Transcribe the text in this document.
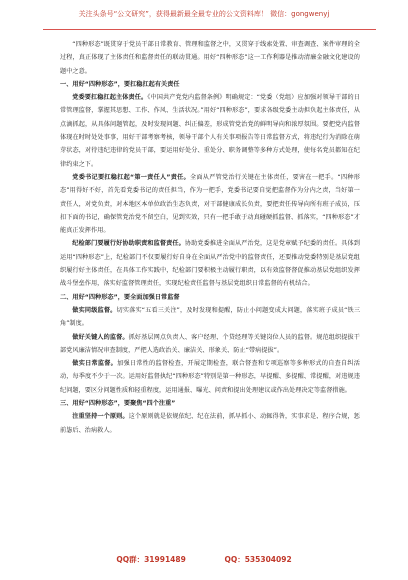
关注头条号“公文研究”，获得最新最全最专业的公文资料库！ 微信：gongwenyj

“四种形态”既贯穿于党员干部日常教育、管理和监督之中，又贯穿于线索处置、审查调查、案件审理的全过程，真正体现了主体责任和监督责任的联动贯通。用好“四种形态”这一工作利器是推动清廉金融文化建设的题中之意。

一、用好“四种形态”，要扛稳扛起有关责任

党委要扛稳扛起主体责任。《中国共产党党内监督条例》明确规定：“党委（党组）应加强对领导干部的日常管理监督，掌握其思想、工作、作风、生活状况。”用好“四种形态”，要求各级党委主动担负起主体责任，从点滴抓起，从具体问题管起，及时发现问题、纠正偏差，形成管党治党的鲜明导向和浓厚氛围。要把党内监督体现在时时处处事事，用好干部考察考核，领导干部个人有关事项报告等日常监督方式，将违纪行为消除在萌芽状态，对待违纪违律的党员干部，要运用好处分、重处分、职务调整等多种方式处理，使每名党员都知在纪律约束之下。

党委书记要扛稳扛起“第一责任人”责任。全面从严管党治行关键在主体责任，要害在一把手。“四种形态”用得好不好，首先看党委书记的责任担当，作为一把手，党委书记要自觉把监督作为分内之责，当好第一责任人，对党负责，对本地区本单位政治生态负责，对干部健康成长负责，要把责任传导向所有班子成员，压扣下面的书记，确保管党治党不留空白，见到实效，只有一把手敢于动真碰硬抓监督、抓落实，“四种形态”才能真正发挥作用。

纪检部门要履行好协助职责和监督责任。协助党委推进全面从严治党，这是党章赋予纪委的责任。具体到运用“四种形态”上，纪检部门不仅要履行好自身在全面从严治党中的监督责任，还要推动党委特别是基层党组织履行好主体责任，在具体工作实践中，纪检部门要积极主动履行职责，以有效监督督促推动基层党组织发挥战斗堡垒作用，落实好监督管理责任，实现纪检责任监督与基层党组织日常监督的有机结合。

二、用好“四种形态”，要全面加强日常监督

做实同级监督。切实落实“五看三关注”，及时发现和提醒，防止小问题变成大问题，落实班子成员“铁三角”制度。

做好关键人的监督。抓好基层网点负责人、客户经理、个贷经理等关键岗位人员的监督。规范组织提拔干部党风廉洁情况审查制度，严把人选政治关、廉洁关、形象关、防止“带病提拔”。

做实日常监督。加强日常性的监督检查，开展定期检查，联合督查和专项巡察等多种形式的自查自纠活动，每季度不少于一次。运用好监督执纪“四种形态”特别是第一种形态，早提醒、多提醒、常提醒，对违规违纪问题，要区分问题性质和轻重程度，运用通报、曝光、问责和提出处理建议或作出处理决定等监督措施。

三、用好“四种形态”，要聚焦“四个注重”

注重坚持一个原则。这个原则就是依规依纪、纪在法前，抓早抓小、动辄得咎，实事求是、程序合规，惩前毖后、治病救人。

QQ群：31991489	QQ：535304092
